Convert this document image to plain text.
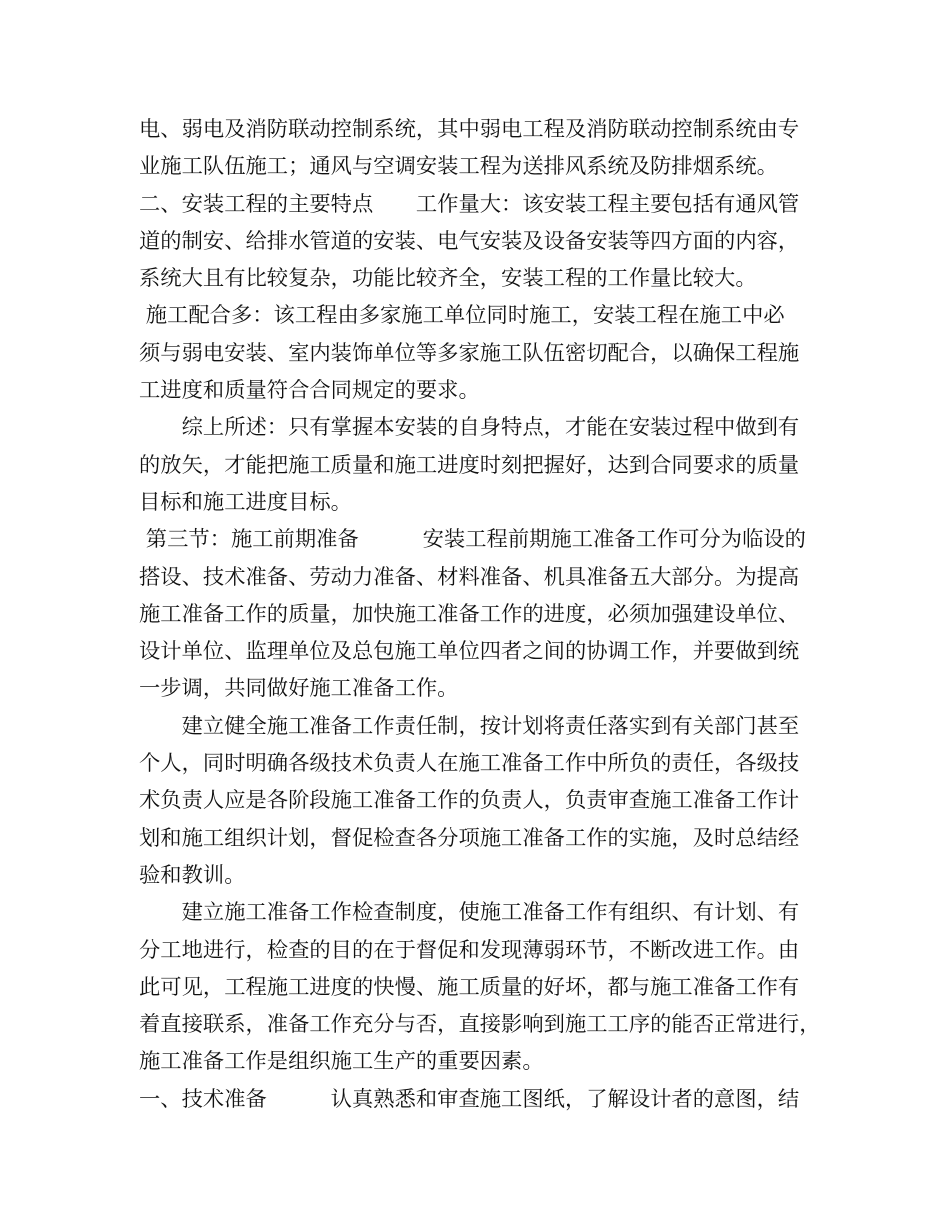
电、弱电及消防联动控制系统，其中弱电工程及消防联动控制系统由专
业施工队伍施工；通风与空调安装工程为送排风系统及防排烟系统。
二、安装工程的主要特点　　工作量大：该安装工程主要包括有通风管
道的制安、给排水管道的安装、电气安装及设备安装等四方面的内容，
系统大且有比较复杂，功能比较齐全，安装工程的工作量比较大。
施工配合多：该工程由多家施工单位同时施工，安装工程在施工中必
须与弱电安装、室内装饰单位等多家施工队伍密切配合，以确保工程施
工进度和质量符合合同规定的要求。
　　综上所述：只有掌握本安装的自身特点，才能在安装过程中做到有
的放矢，才能把施工质量和施工进度时刻把握好，达到合同要求的质量
目标和施工进度目标。
第三节：施工前期准备　　　安装工程前期施工准备工作可分为临设的
搭设、技术准备、劳动力准备、材料准备、机具准备五大部分。为提高
施工准备工作的质量，加快施工准备工作的进度，必须加强建设单位、
设计单位、监理单位及总包施工单位四者之间的协调工作，并要做到统
一步调，共同做好施工准备工作。
　　建立健全施工准备工作责任制，按计划将责任落实到有关部门甚至
个人，同时明确各级技术负责人在施工准备工作中所负的责任，各级技
术负责人应是各阶段施工准备工作的负责人，负责审查施工准备工作计
划和施工组织计划，督促检查各分项施工准备工作的实施，及时总结经
验和教训。
　　建立施工准备工作检查制度，使施工准备工作有组织、有计划、有
分工地进行，检查的目的在于督促和发现薄弱环节，不断改进工作。由
此可见，工程施工进度的快慢、施工质量的好坏，都与施工准备工作有
着直接联系，准备工作充分与否，直接影响到施工工序的能否正常进行，
施工准备工作是组织施工生产的重要因素。
一、技术准备　　　认真熟悉和审查施工图纸，了解设计者的意图，结
